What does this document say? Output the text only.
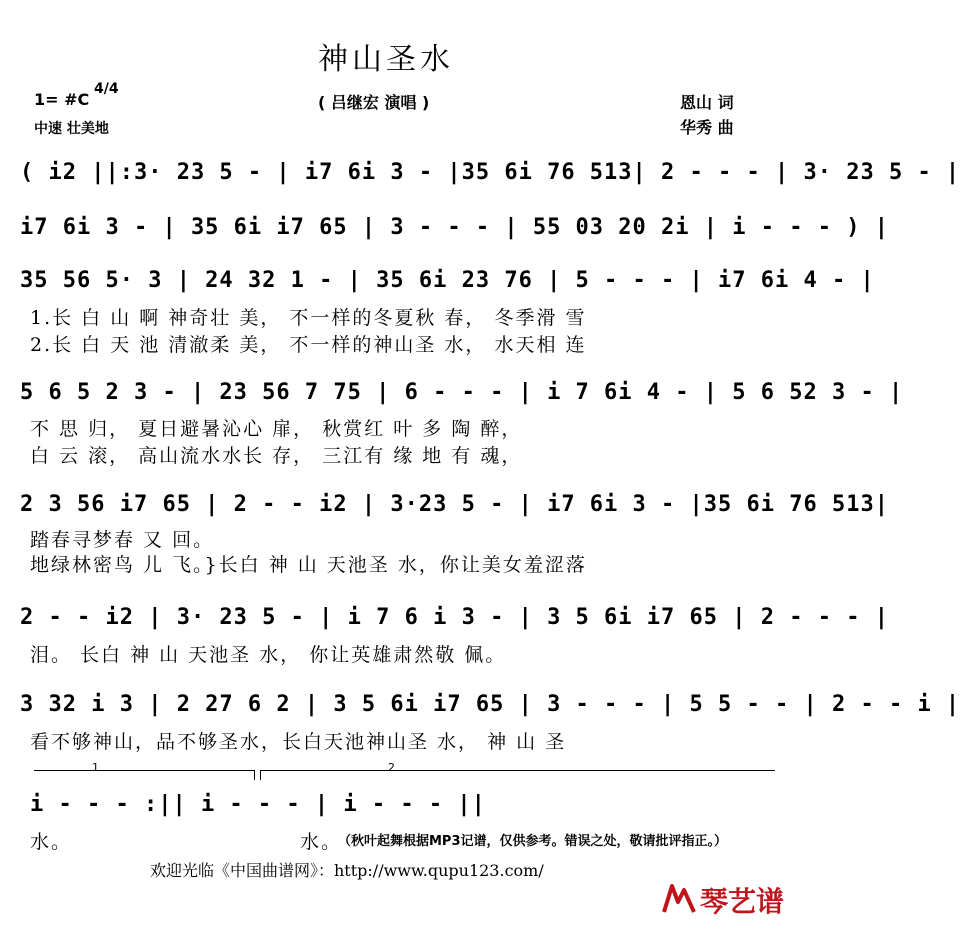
神山圣水
1= #C
4/4
中速 壮美地
( 吕继宏 演唱 )	恩山 词
华秀 曲
( i2 ||:3· 23 5 - | i7 6i 3 - |35 6i 76 513| 2 - - - | 3· 23 5 - |
i7 6i 3 - | 35 6i i7 65 | 3 - - - | 55 03 20 2i | i - - - ) |
35 56 5· 3 | 24 32 1 - | 35 6i 23 76 | 5 - - - | i7 6i 4 - |
1.长 白 山 啊 神奇壮 美， 不一样的冬夏秋 春， 冬季滑 雪
2.长 白 天 池 清澈柔 美， 不一样的神山圣 水， 水天相 连
5 6 5 2 3 - | 23 56 7 75 | 6 - - - | i 7 6i 4 - | 5 6 52 3 - |
不 思 归， 夏日避暑沁心 扉， 秋赏红 叶 多 陶 醉，
白 云 滚， 高山流水水长 存， 三江有 缘 地 有 魂，
2 3 56 i7 65 | 2 - - i2 | 3·23 5 - | i7 6i 3 - |35 6i 76 513|
踏春寻梦春 又 回。
地绿林密鸟 儿 飞。}长白 神 山 天池圣 水，你让美女羞涩落
2 - - i2 | 3· 23 5 - | i 7 6 i 3 - | 3 5 6i i7 65 | 2 - - - |
泪。 长白 神 山 天池圣 水， 你让英雄肃然敬 佩。
3 32 i 3 | 2 27 6 2 | 3 5 6i i7 65 | 3 - - - | 5 5 - - | 2 - - i |
看不够神山，品不够圣水，长白天池神山圣 水， 神 山 圣
1	2
i - - - :|| i - - - | i - - - ||
水。	水。
（秋叶起舞根据MP3记谱，仅供参考。错误之处，敬请批评指正。）
欢迎光临《中国曲谱网》：http://www.qupu123.com/
琴艺谱
